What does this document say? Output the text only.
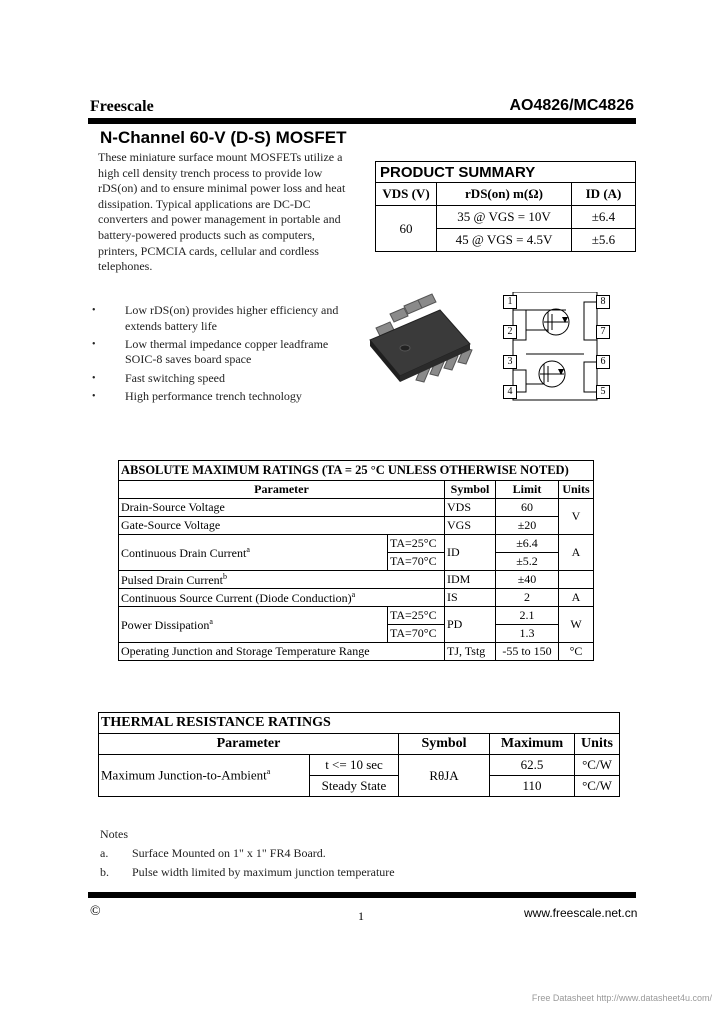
Freescale	AO4826/MC4826
N-Channel 60-V (D-S) MOSFET
These miniature surface mount MOSFETs utilize a
high cell density trench process to provide low
rDS(on) and to ensure minimal power loss and heat
dissipation. Typical applications are DC-DC
converters and power management in portable and
battery-powered products such as computers,
printers, PCMCIA cards, cellular and cordless
telephones.
• Low rDS(on) provides higher efficiency and extends battery life
• Low thermal impedance copper leadframe SOIC-8 saves board space
• Fast switching speed
• High performance trench technology
PRODUCT SUMMARY		
VDS (V)	rDS(on) m(Ω)	ID (A)
60	35 @ VGS = 10V	±6.4
	45 @ VGS = 4.5V	±5.6
1
2
3
4
8
7
6
5
ABSOLUTE MAXIMUM RATINGS (TA = 25 °C UNLESS OTHERWISE NOTED)				
Parameter		Symbol	Limit	Units
Drain-Source Voltage		VDS	60	V
Gate-Source Voltage		VGS	±20	
Continuous Drain Current$^a$	TA=25°C	ID	±6.4	A
	TA=70°C		±5.2	
Pulsed Drain Current$^b$		IDM	±40	
Continuous Source Current (Diode Conduction)$^a$		IS	2	A
Power Dissipation$^a$	TA=25°C	PD	2.1	W
	TA=70°C		1.3	
Operating Junction and Storage Temperature Range		TJ, Tstg	-55 to 150	°C
THERMAL RESISTANCE RATINGS				
Parameter		Symbol	Maximum	Units
Maximum Junction-to-Ambient$^a$	t <= 10 sec	RθJA	62.5	°C/W
	Steady State		110	°C/W
Notes
a.	Surface Mounted on 1" x 1" FR4 Board.
b.	Pulse width limited by maximum junction temperature
©	1	www.freescale.net.cn
Free Datasheet http://www.datasheet4u.com/
